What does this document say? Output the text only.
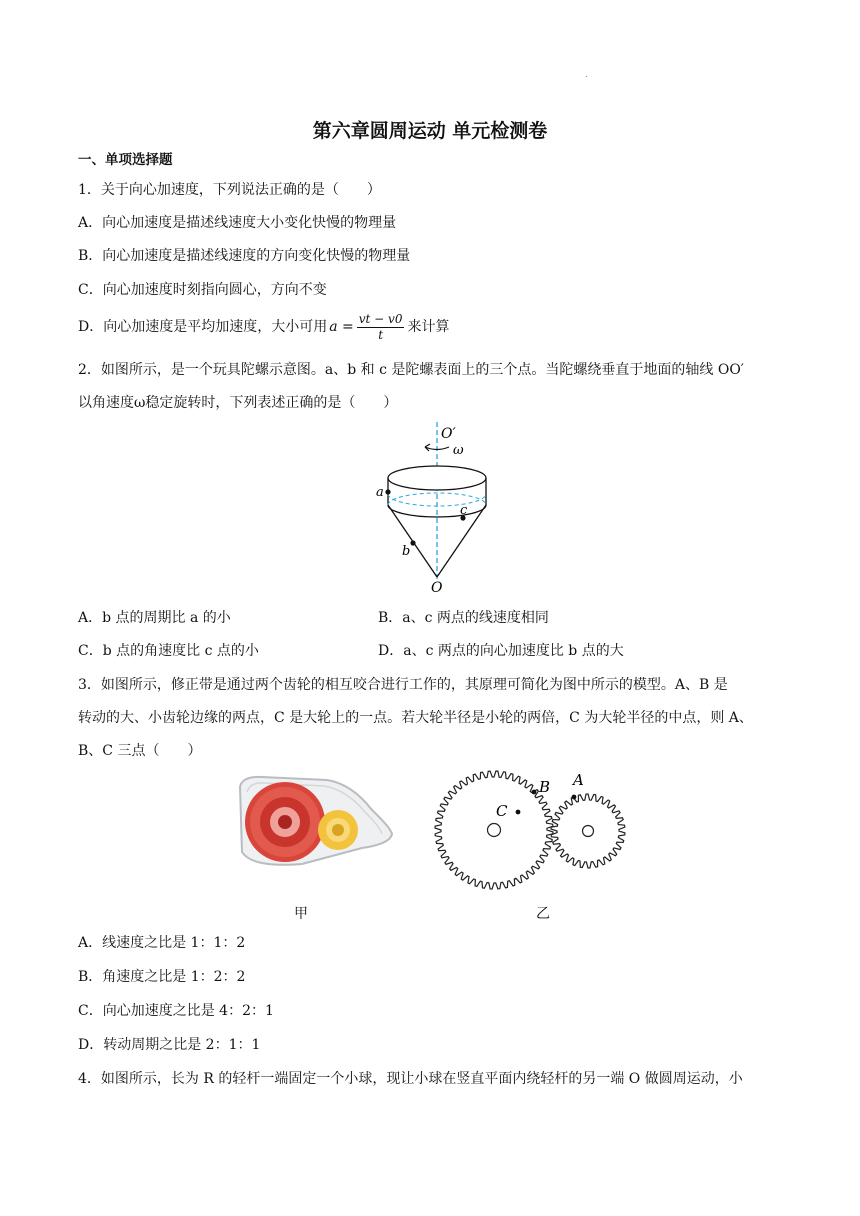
.
第六章圆周运动 单元检测卷
一、单项选择题
1．关于向心加速度，下列说法正确的是（　　）
A．向心加速度是描述线速度大小变化快慢的物理量
B．向心加速度是描述线速度的方向变化快慢的物理量
C．向心加速度时刻指向圆心，方向不变
D．向心加速度是平均加速度，大小可用 $a = \frac{vt - v0}{t}$ 来计算
2．如图所示，是一个玩具陀螺示意图。a、b 和 c 是陀螺表面上的三个点。当陀螺绕垂直于地面的轴线 OO′
以角速度ω稳定旋转时，下列表述正确的是（　　）
O′
ω
a
c
b
O
A．b 点的周期比 a 的小	B．a、c 两点的线速度相同
C．b 点的角速度比 c 点的小	D．a、c 两点的向心加速度比 b 点的大
3．如图所示，修正带是通过两个齿轮的相互咬合进行工作的，其原理可简化为图中所示的模型。A、B 是
转动的大、小齿轮边缘的两点，C 是大轮上的一点。若大轮半径是小轮的两倍，C 为大轮半径的中点，则 A、
B、C 三点（　　）
C
B A
甲	乙
A．线速度之比是 1：1：2
B．角速度之比是 1：2：2
C．向心加速度之比是 4：2：1
D．转动周期之比是 2：1：1
4．如图所示，长为 R 的轻杆一端固定一个小球，现让小球在竖直平面内绕轻杆的另一端 O 做圆周运动，小
